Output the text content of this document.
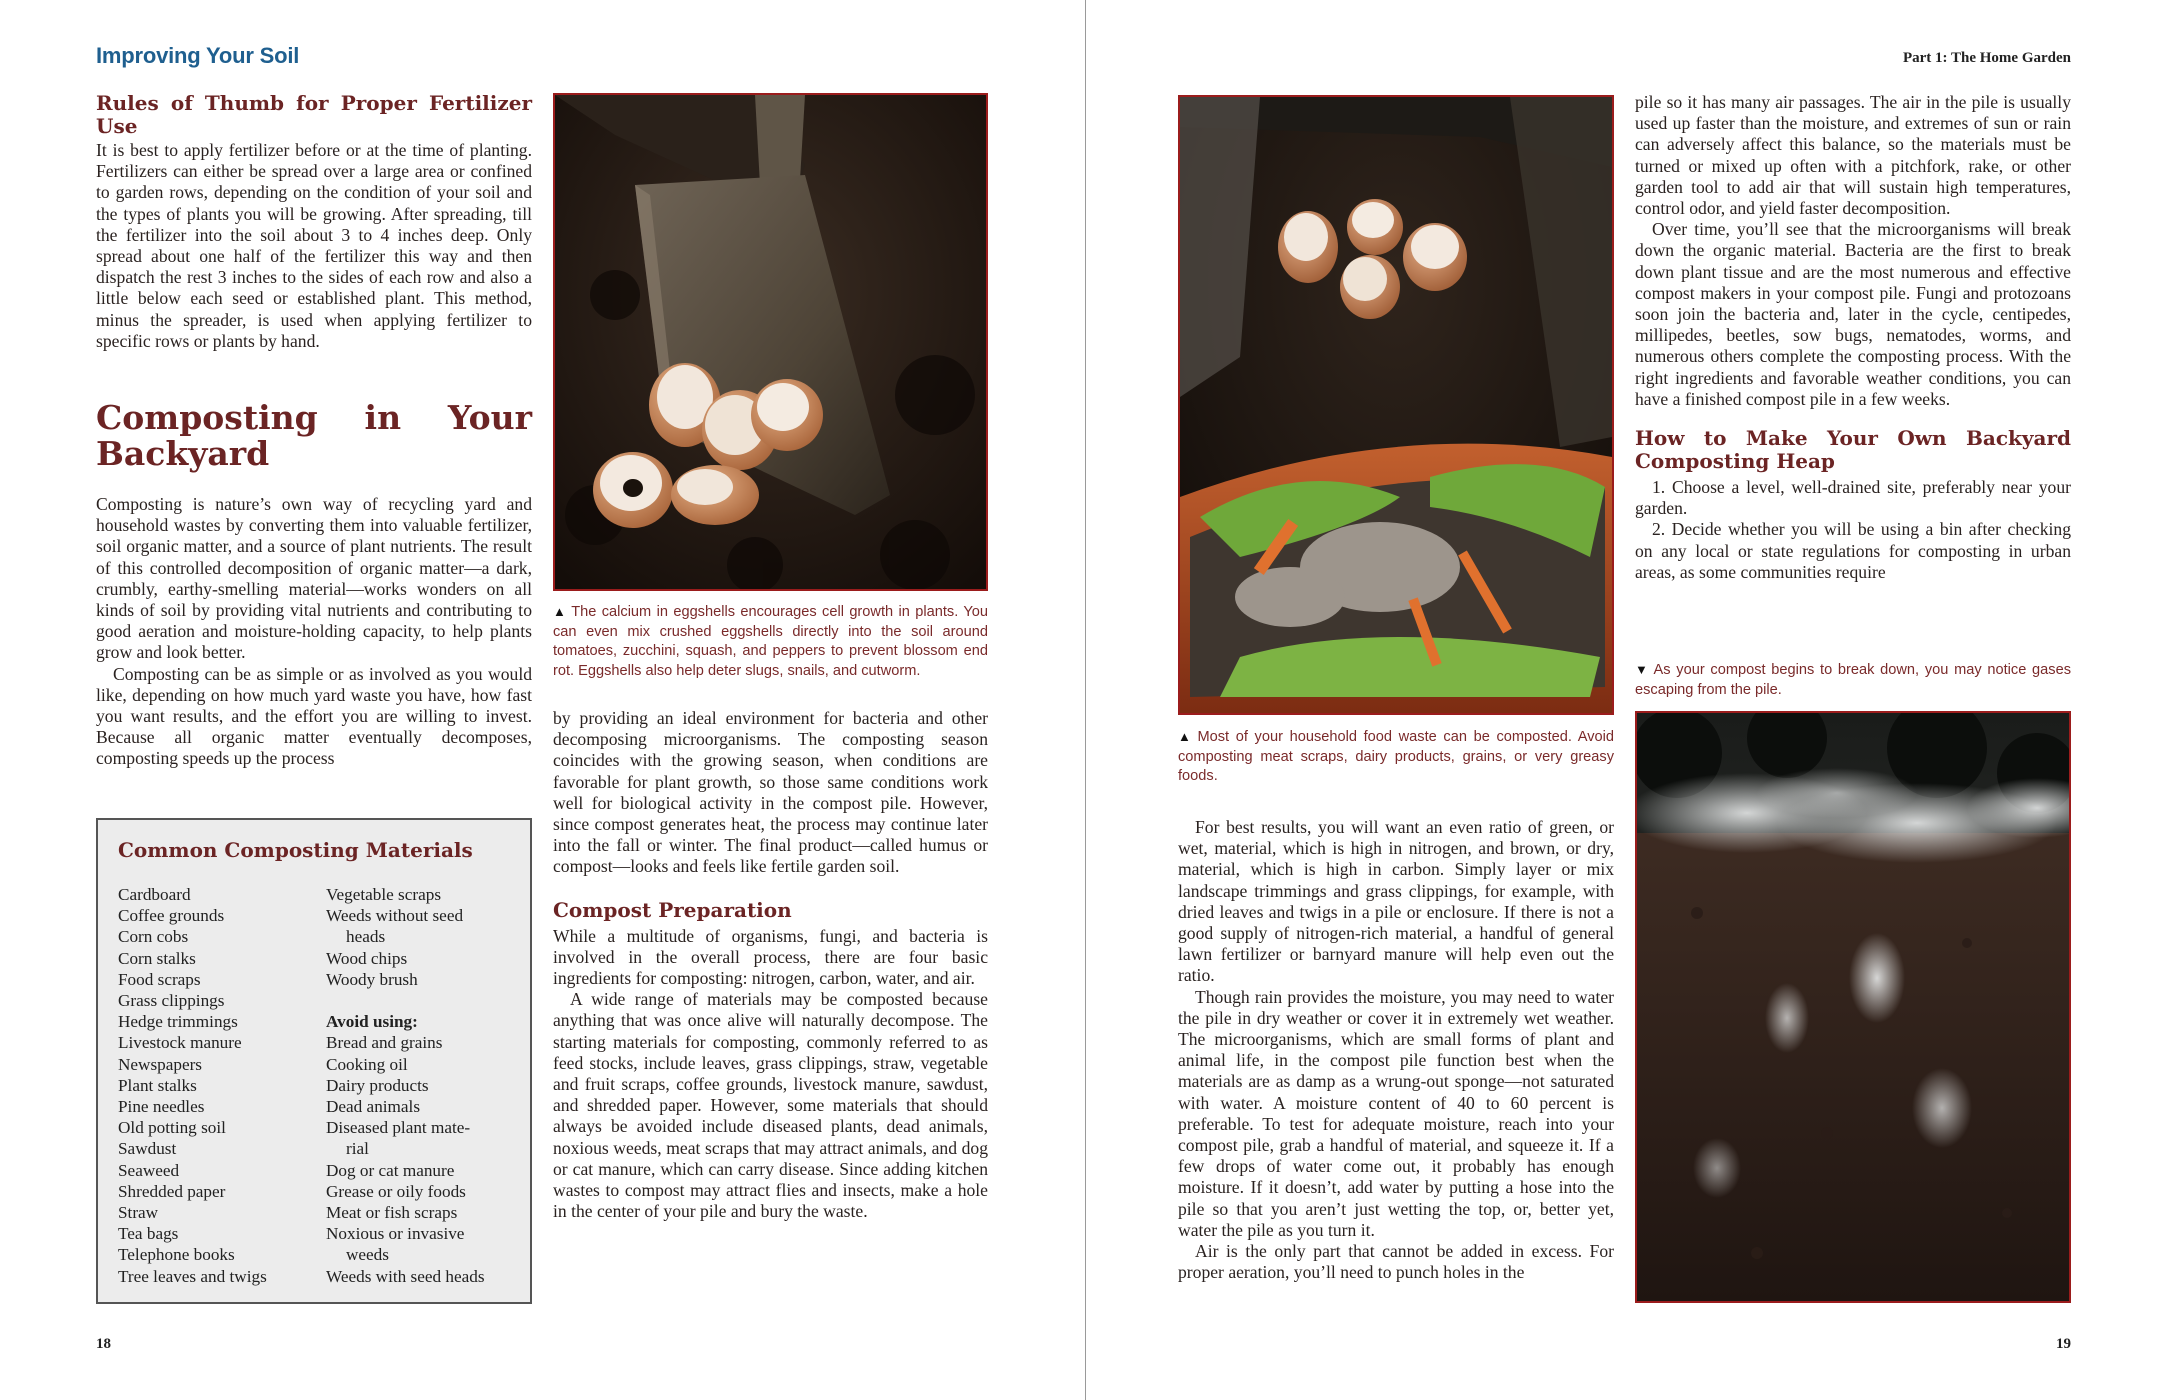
Improving Your Soil
Rules of Thumb for Proper Fertilizer Use

It is best to apply fertilizer before or at the time of planting. Fertilizers can either be spread over a large area or confined to garden rows, depending on the condition of your soil and the types of plants you will be growing. After spreading, till the fertilizer into the soil about 3 to 4 inches deep. Only spread about one half of the fertilizer this way and then dispatch the rest 3 inches to the sides of each row and also a little below each seed or established plant. This method, minus the spreader, is used when applying fertilizer to specific rows or plants by hand.

Composting in Your Backyard

Composting is nature’s own way of recycling yard and household wastes by converting them into valuable fertilizer, soil organic matter, and a source of plant nutrients. The result of this controlled decomposition of organic matter—a dark, crumbly, earthy-smelling material—works wonders on all kinds of soil by providing vital nutrients and contributing to good aeration and moisture-holding capacity, to help plants grow and look better.

Composting can be as simple or as involved as you would like, depending on how much yard waste you have, how fast you want results, and the effort you are willing to invest. Because all organic matter eventually decomposes, composting speeds up the process

Common Composting Materials
Cardboard
Coffee grounds
Corn cobs
Corn stalks
Food scraps
Grass clippings
Hedge trimmings
Livestock manure
Newspapers
Plant stalks
Pine needles
Old potting soil
Sawdust
Seaweed
Shredded paper
Straw
Tea bags
Telephone books
Tree leaves and twigs
Vegetable scraps
Weeds without seed
heads
Wood chips
Woody brush
Avoid using:
Bread and grains
Cooking oil
Dairy products
Dead animals
Diseased plant mate-
rial
Dog or cat manure
Grease or oily foods
Meat or fish scraps
Noxious or invasive
weeds
Weeds with seed heads
▲ The calcium in eggshells encourages cell growth in plants. You can even mix crushed eggshells directly into the soil around tomatoes, zucchini, squash, and peppers to prevent blossom end rot. Eggshells also help deter slugs, snails, and cutworm.

by providing an ideal environment for bacteria and other decomposing microorganisms. The composting season coincides with the growing season, when conditions are favorable for plant growth, so those same conditions work well for biological activity in the compost pile. However, since compost generates heat, the process may continue later into the fall or winter. The final product—called humus or compost—looks and feels like fertile garden soil.

Compost Preparation

While a multitude of organisms, fungi, and bacteria is involved in the overall process, there are four basic ingredients for composting: nitrogen, carbon, water, and air.

A wide range of materials may be composted because anything that was once alive will naturally decompose. The starting materials for composting, commonly referred to as feed stocks, include leaves, grass clippings, straw, vegetable and fruit scraps, coffee grounds, livestock manure, sawdust, and shredded paper. However, some materials that should always be avoided include diseased plants, dead animals, noxious weeds, meat scraps that may attract animals, and dog or cat manure, which can carry disease. Since adding kitchen wastes to compost may attract flies and insects, make a hole in the center of your pile and bury the waste.

18
Part 1: The Home Garden
▲ Most of your household food waste can be composted. Avoid composting meat scraps, dairy products, grains, or very greasy foods.

For best results, you will want an even ratio of green, or wet, material, which is high in nitrogen, and brown, or dry, material, which is high in carbon. Simply layer or mix landscape trimmings and grass clippings, for example, with dried leaves and twigs in a pile or enclosure. If there is not a good supply of nitrogen-rich material, a handful of general lawn fertilizer or barnyard manure will help even out the ratio.

Though rain provides the moisture, you may need to water the pile in dry weather or cover it in extremely wet weather. The microorganisms, which are small forms of plant and animal life, in the compost pile function best when the materials are as damp as a wrung-out sponge—not saturated with water. A moisture content of 40 to 60 percent is preferable. To test for adequate moisture, reach into your compost pile, grab a handful of material, and squeeze it. If a few drops of water come out, it probably has enough moisture. If it doesn’t, add water by putting a hose into the pile so that you aren’t just wetting the top, or, better yet, water the pile as you turn it.

Air is the only part that cannot be added in excess. For proper aeration, you’ll need to punch holes in the

pile so it has many air passages. The air in the pile is usually used up faster than the moisture, and extremes of sun or rain can adversely affect this balance, so the materials must be turned or mixed up often with a pitchfork, rake, or other garden tool to add air that will sustain high temperatures, control odor, and yield faster decomposition.

Over time, you’ll see that the microorganisms will break down the organic material. Bacteria are the first to break down plant tissue and are the most numerous and effective compost makers in your compost pile. Fungi and protozoans soon join the bacteria and, later in the cycle, centipedes, millipedes, beetles, sow bugs, nematodes, worms, and numerous others complete the composting process. With the right ingredients and favorable weather conditions, you can have a finished compost pile in a few weeks.

How to Make Your Own Backyard Composting Heap

1. Choose a level, well-drained site, preferably near your garden.

2. Decide whether you will be using a bin after checking on any local or state regulations for composting in urban areas, as some communities require

▼ As your compost begins to break down, you may notice gases escaping from the pile.
19
